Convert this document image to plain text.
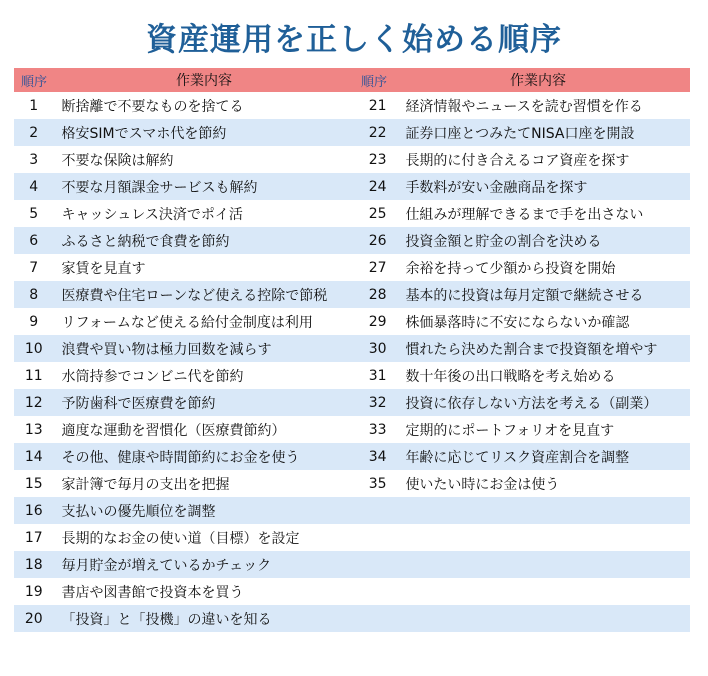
資産運用を正しく始める順序
順序	作業内容	順序	作業内容
1	断捨離で不要なものを捨てる	21	経済情報やニュースを読む習慣を作る
2	格安SIMでスマホ代を節約	22	証券口座とつみたてNISA口座を開設
3	不要な保険は解約	23	長期的に付き合えるコア資産を探す
4	不要な月額課金サービスも解約	24	手数料が安い金融商品を探す
5	キャッシュレス決済でポイ活	25	仕組みが理解できるまで手を出さない
6	ふるさと納税で食費を節約	26	投資金額と貯金の割合を決める
7	家賃を見直す	27	余裕を持って少額から投資を開始
8	医療費や住宅ローンなど使える控除で節税	28	基本的に投資は毎月定額で継続させる
9	リフォームなど使える給付金制度は利用	29	株価暴落時に不安にならないか確認
10	浪費や買い物は極力回数を減らす	30	慣れたら決めた割合まで投資額を増やす
11	水筒持参でコンビニ代を節約	31	数十年後の出口戦略を考え始める
12	予防歯科で医療費を節約	32	投資に依存しない方法を考える（副業）
13	適度な運動を習慣化（医療費節約）	33	定期的にポートフォリオを見直す
14	その他、健康や時間節約にお金を使う	34	年齢に応じてリスク資産割合を調整
15	家計簿で毎月の支出を把握	35	使いたい時にお金は使う
16	支払いの優先順位を調整
17	長期的なお金の使い道（目標）を設定
18	毎月貯金が増えているかチェック
19	書店や図書館で投資本を買う
20	「投資」と「投機」の違いを知る
